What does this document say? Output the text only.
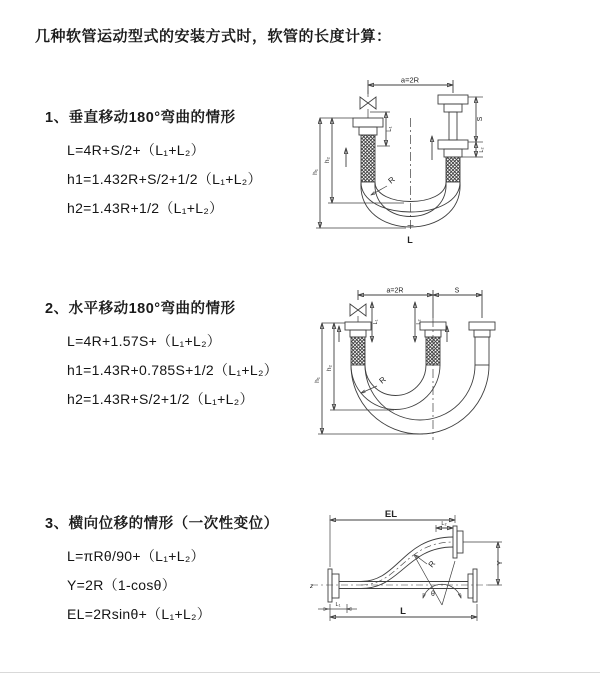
几种软管运动型式的安装方式时，软管的长度计算：
1、垂直移动180°弯曲的情形
L=4R+S/2+（L₁+L₂）
h1=1.432R+S/2+1/2（L₁+L₂）
h2=1.43R+1/2（L₁+L₂）
2、水平移动180°弯曲的情形
L=4R+1.57S+（L₁+L₂）
h1=1.43R+0.785S+1/2（L₁+L₂）
h2=1.43R+S/2+1/2（L₁+L₂）
3、横向位移的情形（一次性变位）
L=πRθ/90+（L₁+L₂）
Y=2R（1-cosθ）
EL=2Rsinθ+（L₁+L₂）
a=2R
L
h₁
h₂
L₁
S
L₂
R
a=2R	S
L₁	L₂
h₁
h₂
R
z
EL
L₂
Y
L
L₁
R
θ
